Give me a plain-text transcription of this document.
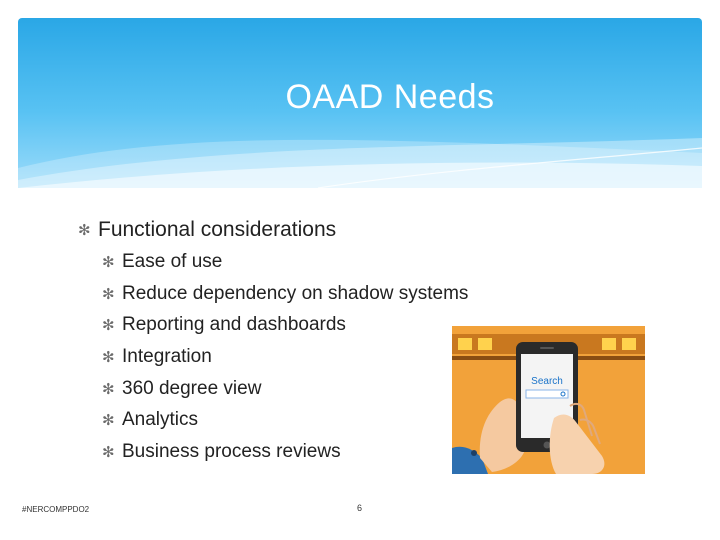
OAAD Needs
✻ Functional considerations
✻ Ease of use
✻ Reduce dependency on shadow systems
✻ Reporting and dashboards
✻ Integration
✻ 360 degree view
✻ Analytics
✻ Business process reviews
Search
#NERCOMPPDO2	6
